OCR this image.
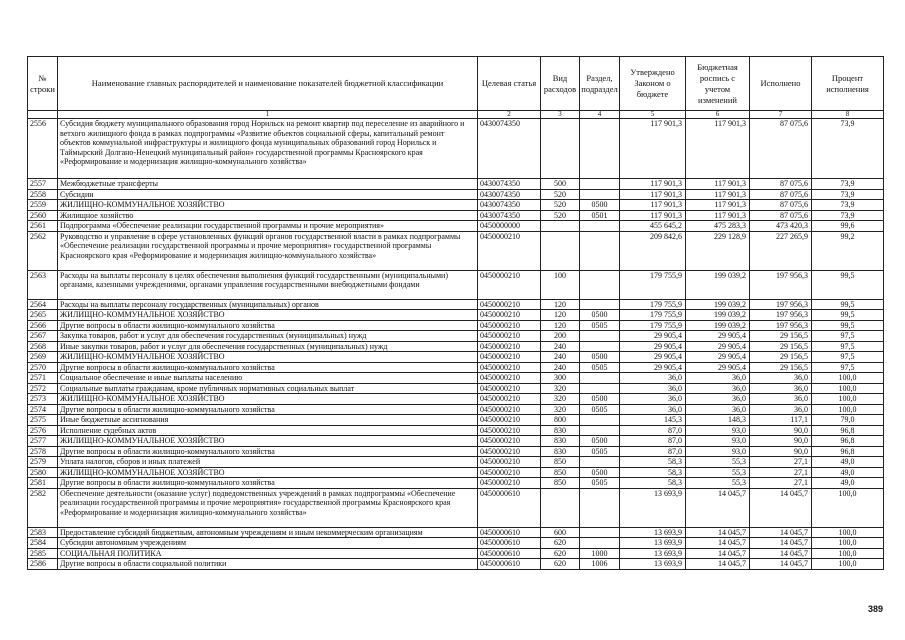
№ строки	Наименование главных распорядителей и наименование показателей бюджетной классификации	Целевая статья	Вид расходов	Раздел, подраздел	Утверждено Законом о бюджете	Бюджетная роспись с учетом изменений	Исполнено	Процент исполнения
	1	2	3	4	5	6	7	8
2556	Субсидия бюджету муниципального образования город Норильск на ремонт квартир под переселение из аварийного и ветхого жилищного фонда в рамках подпрограммы «Развитие объектов социальной сферы, капитальный ремонт объектов коммунальной инфраструктуры и жилищного фонда муниципальных образований город Норильск и Таймырский Долгано-Ненецкий муниципальный район» государственной программы Красноярского края «Реформирование и модернизация жилищно-коммунального хозяйства»	0430074350			117 901,3	117 901,3	87 075,6	73,9
2557	Межбюджетные трансферты	0430074350	500		117 901,3	117 901,3	87 075,6	73,9
2558	Субсидии	0430074350	520		117 901,3	117 901,3	87 075,6	73,9
2559	ЖИЛИЩНО-КОММУНАЛЬНОЕ ХОЗЯЙСТВО	0430074350	520	0500	117 901,3	117 901,3	87 075,6	73,9
2560	Жилищное хозяйство	0430074350	520	0501	117 901,3	117 901,3	87 075,6	73,9
2561	Подпрограмма «Обеспечение реализации государственной программы и прочие мероприятия»	0450000000			455 645,2	475 283,3	473 420,3	99,6
2562	Руководство и управление в сфере установленных функций органов государственной власти в рамках подпрограммы «Обеспечение реализации государственной программы и прочие мероприятия» государственной программы Красноярского края «Реформирование и модернизация жилищно-коммунального хозяйства»	0450000210			209 842,6	229 128,9	227 265,9	99,2
2563	Расходы на выплаты персоналу в целях обеспечения выполнения функций государственными (муниципальными) органами, казенными учреждениями, органами управления государственными внебюджетными фондами	0450000210	100		179 755,9	199 039,2	197 956,3	99,5
2564	Расходы на выплаты персоналу государственных (муниципальных) органов	0450000210	120		179 755,9	199 039,2	197 956,3	99,5
2565	ЖИЛИЩНО-КОММУНАЛЬНОЕ ХОЗЯЙСТВО	0450000210	120	0500	179 755,9	199 039,2	197 956,3	99,5
2566	Другие вопросы в области жилищно-коммунального хозяйства	0450000210	120	0505	179 755,9	199 039,2	197 956,3	99,5
2567	Закупка товаров, работ и услуг для обеспечения государственных (муниципальных) нужд	0450000210	200		29 905,4	29 905,4	29 156,5	97,5
2568	Иные закупки товаров, работ и услуг для обеспечения государственных (муниципальных) нужд	0450000210	240		29 905,4	29 905,4	29 156,5	97,5
2569	ЖИЛИЩНО-КОММУНАЛЬНОЕ ХОЗЯЙСТВО	0450000210	240	0500	29 905,4	29 905,4	29 156,5	97,5
2570	Другие вопросы в области жилищно-коммунального хозяйства	0450000210	240	0505	29 905,4	29 905,4	29 156,5	97,5
2571	Социальное обеспечение и иные выплаты населению	0450000210	300		36,0	36,0	36,0	100,0
2572	Социальные выплаты гражданам, кроме публичных нормативных социальных выплат	0450000210	320		36,0	36,0	36,0	100,0
2573	ЖИЛИЩНО-КОММУНАЛЬНОЕ ХОЗЯЙСТВО	0450000210	320	0500	36,0	36,0	36,0	100,0
2574	Другие вопросы в области жилищно-коммунального хозяйства	0450000210	320	0505	36,0	36,0	36,0	100,0
2575	Иные бюджетные ассигнования	0450000210	800		145,3	148,3	117,1	79,0
2576	Исполнение судебных актов	0450000210	830		87,0	93,0	90,0	96,8
2577	ЖИЛИЩНО-КОММУНАЛЬНОЕ ХОЗЯЙСТВО	0450000210	830	0500	87,0	93,0	90,0	96,8
2578	Другие вопросы в области жилищно-коммунального хозяйства	0450000210	830	0505	87,0	93,0	90,0	96,8
2579	Уплата налогов, сборов и иных платежей	0450000210	850		58,3	55,3	27,1	49,0
2580	ЖИЛИЩНО-КОММУНАЛЬНОЕ ХОЗЯЙСТВО	0450000210	850	0500	58,3	55,3	27,1	49,0
2581	Другие вопросы в области жилищно-коммунального хозяйства	0450000210	850	0505	58,3	55,3	27,1	49,0
2582	Обеспечение деятельности (оказание услуг) подведомственных учреждений в рамках подпрограммы «Обеспечение реализации государственной программы и прочие мероприятия» государственной программы Красноярского края «Реформирование и модернизация жилищно-коммунального хозяйства»	0450000610			13 693,9	14 045,7	14 045,7	100,0
2583	Предоставление субсидий бюджетным, автономным учреждениям и иным некоммерческим организациям	0450000610	600		13 693,9	14 045,7	14 045,7	100,0
2584	Субсидии автономным учреждениям	0450000610	620		13 693,9	14 045,7	14 045,7	100,0
2585	СОЦИАЛЬНАЯ ПОЛИТИКА	0450000610	620	1000	13 693,9	14 045,7	14 045,7	100,0
2586	Другие вопросы в области социальной политики	0450000610	620	1006	13 693,9	14 045,7	14 045,7	100,0
389
